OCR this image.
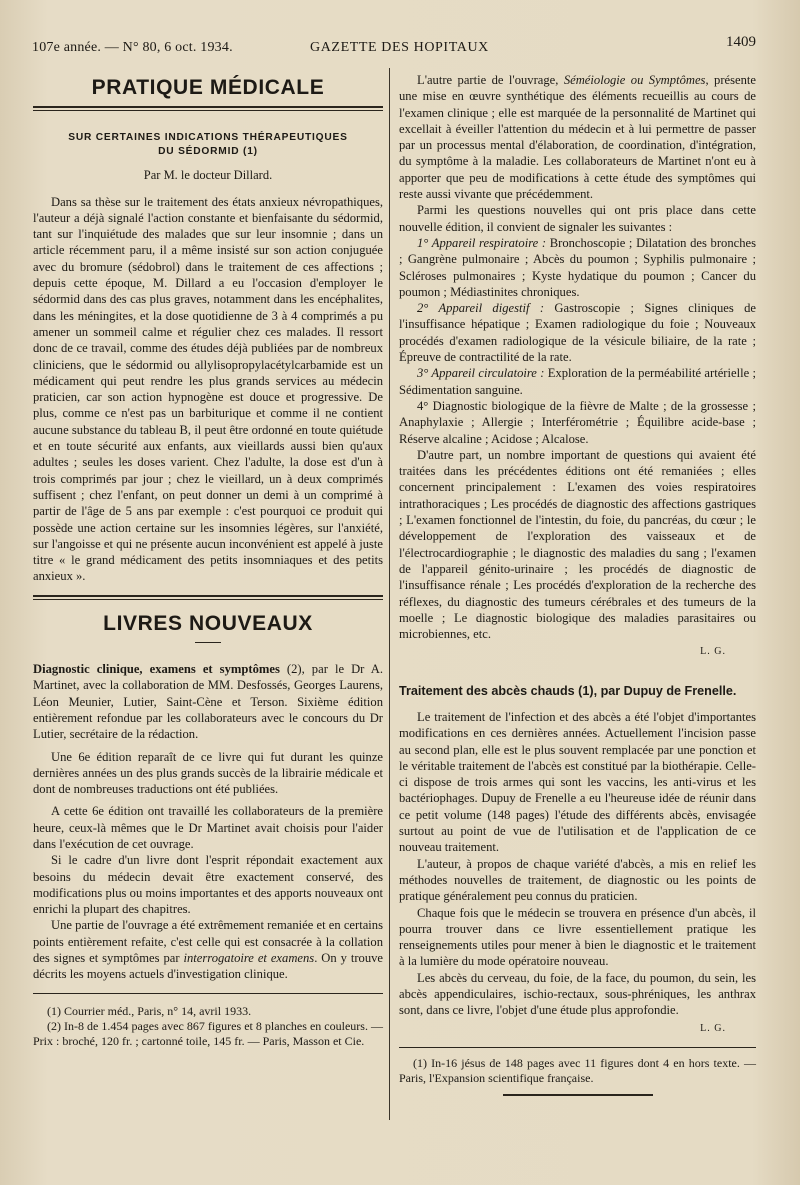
107e année. — N° 80, 6 oct. 1934.	GAZETTE DES HOPITAUX	1409
PRATIQUE MÉDICALE
SUR CERTAINES INDICATIONS THÉRAPEUTIQUES
DU SÉDORMID (1)
Par M. le docteur Dillard.

Dans sa thèse sur le traitement des états anxieux névropathiques, l'auteur a déjà signalé l'action constante et bienfaisante du sédormid, tant sur l'inquiétude des malades que sur leur insomnie ; dans un article récemment paru, il a même insisté sur son action conjuguée avec du bromure (sédobrol) dans le traitement de ces affections ; depuis cette époque, M. Dillard a eu l'occasion d'employer le sédormid dans des cas plus graves, notamment dans les encéphalites, dans les méningites, et la dose quotidienne de 3 à 4 comprimés a pu amener un sommeil calme et régulier chez ces malades. Il ressort donc de ce travail, comme des études déjà publiées par de nombreux cliniciens, que le sédormid ou allylisopropylacétylcarbamide est un médicament qui peut rendre les plus grands services au médecin praticien, car son action hypnogène est douce et progressive. De plus, comme ce n'est pas un barbiturique et comme il ne contient aucune substance du tableau B, il peut être ordonné en toute quiétude et en toute sécurité aux enfants, aux vieillards aussi bien qu'aux adultes ; seules les doses varient. Chez l'adulte, la dose est d'un à trois comprimés par jour ; chez le vieillard, un à deux comprimés suffisent ; chez l'enfant, on peut donner un demi à un comprimé à partir de l'âge de 5 ans par exemple : c'est pourquoi ce produit qui possède une action certaine sur les insomnies légères, sur l'anxiété, sur l'angoisse et qui ne présente aucun inconvénient est appelé à juste titre « le grand médicament des petits insomniaques et des petits anxieux ».

LIVRES NOUVEAUX

Diagnostic clinique, examens et symptômes (2), par le Dr A. Martinet, avec la collaboration de MM. Desfossés, Georges Laurens, Léon Meunier, Lutier, Saint-Cène et Terson. Sixième édition entièrement refondue par les collaborateurs avec le concours du Dr Lutier, secrétaire de la rédaction.

Une 6e édition reparaît de ce livre qui fut durant les quinze dernières années un des plus grands succès de la librairie médicale et dont de nombreuses traductions ont été publiées.

A cette 6e édition ont travaillé les collaborateurs de la première heure, ceux-là mêmes que le Dr Martinet avait choisis pour l'aider dans l'exécution de cet ouvrage.

Si le cadre d'un livre dont l'esprit répondait exactement aux besoins du médecin devait être exactement conservé, des modifications plus ou moins importantes et des apports nouveaux ont enrichi la plupart des chapitres.

Une partie de l'ouvrage a été extrêmement remaniée et en certains points entièrement refaite, c'est celle qui est consacrée à la collation des signes et symptômes par interrogatoire et examens. On y trouve décrits les moyens actuels d'investigation clinique.

(1) Courrier méd., Paris, n° 14, avril 1933.

(2) In-8 de 1.454 pages avec 867 figures et 8 planches en couleurs. — Prix : broché, 120 fr. ; cartonné toile, 145 fr. — Paris, Masson et Cie.

L'autre partie de l'ouvrage, Séméiologie ou Symptômes, présente une mise en œuvre synthétique des éléments recueillis au cours de l'examen clinique ; elle est marquée de la personnalité de Martinet qui excellait à éveiller l'attention du médecin et à lui permettre de passer par un processus mental d'élaboration, de coordination, d'intégration, du symptôme à la maladie. Les collaborateurs de Martinet n'ont eu à apporter que peu de modifications à cette étude des symptômes qui reste aussi vivante que précédemment.

Parmi les questions nouvelles qui ont pris place dans cette nouvelle édition, il convient de signaler les suivantes :

1° Appareil respiratoire : Bronchoscopie ; Dilatation des bronches ; Gangrène pulmonaire ; Abcès du poumon ; Syphilis pulmonaire ; Scléroses pulmonaires ; Kyste hydatique du poumon ; Cancer du poumon ; Médiastinites chroniques.

2° Appareil digestif : Gastroscopie ; Signes cliniques de l'insuffisance hépatique ; Examen radiologique du foie ; Nouveaux procédés d'examen radiologique de la vésicule biliaire, de la rate ; Épreuve de contractilité de la rate.

3° Appareil circulatoire : Exploration de la perméabilité artérielle ; Sédimentation sanguine.

4° Diagnostic biologique de la fièvre de Malte ; de la grossesse ; Anaphylaxie ; Allergie ; Interférométrie ; Équilibre acide-base ; Réserve alcaline ; Acidose ; Alcalose.

D'autre part, un nombre important de questions qui avaient été traitées dans les précédentes éditions ont été remaniées ; elles concernent principalement : L'examen des voies respiratoires intrathoraciques ; Les procédés de diagnostic des affections gastriques ; L'examen fonctionnel de l'intestin, du foie, du pancréas, du cœur ; le développement de l'exploration des vaisseaux et de l'électrocardiographie ; le diagnostic des maladies du sang ; l'examen de l'appareil génito-urinaire ; les procédés de diagnostic de l'insuffisance rénale ; Les procédés d'exploration de la recherche des réflexes, du diagnostic des tumeurs cérébrales et des tumeurs de la moelle ; Le diagnostic biologique des maladies parasitaires ou microbiennes, etc.

L. G.

Traitement des abcès chauds (1), par Dupuy de Frenelle.

Le traitement de l'infection et des abcès a été l'objet d'importantes modifications en ces dernières années. Actuellement l'incision passe au second plan, elle est le plus souvent remplacée par une ponction et le véritable traitement de l'abcès est constitué par la biothérapie. Celle-ci dispose de trois armes qui sont les vaccins, les anti-virus et les bactériophages. Dupuy de Frenelle a eu l'heureuse idée de réunir dans ce petit volume (148 pages) l'étude des différents abcès, envisagée surtout au point de vue de l'utilisation et de l'application de ce nouveau traitement.

L'auteur, à propos de chaque variété d'abcès, a mis en relief les méthodes nouvelles de traitement, de diagnostic ou les points de pratique généralement peu connus du praticien.

Chaque fois que le médecin se trouvera en présence d'un abcès, il pourra trouver dans ce livre essentiellement pratique les renseignements utiles pour mener à bien le diagnostic et le traitement à la lumière du mode opératoire nouveau.

Les abcès du cerveau, du foie, de la face, du poumon, du sein, les abcès appendiculaires, ischio-rectaux, sous-phréniques, les anthrax sont, dans ce livre, l'objet d'une étude plus approfondie.

L. G.

(1) In-16 jésus de 148 pages avec 11 figures dont 4 en hors texte. — Paris, l'Expansion scientifique française.
